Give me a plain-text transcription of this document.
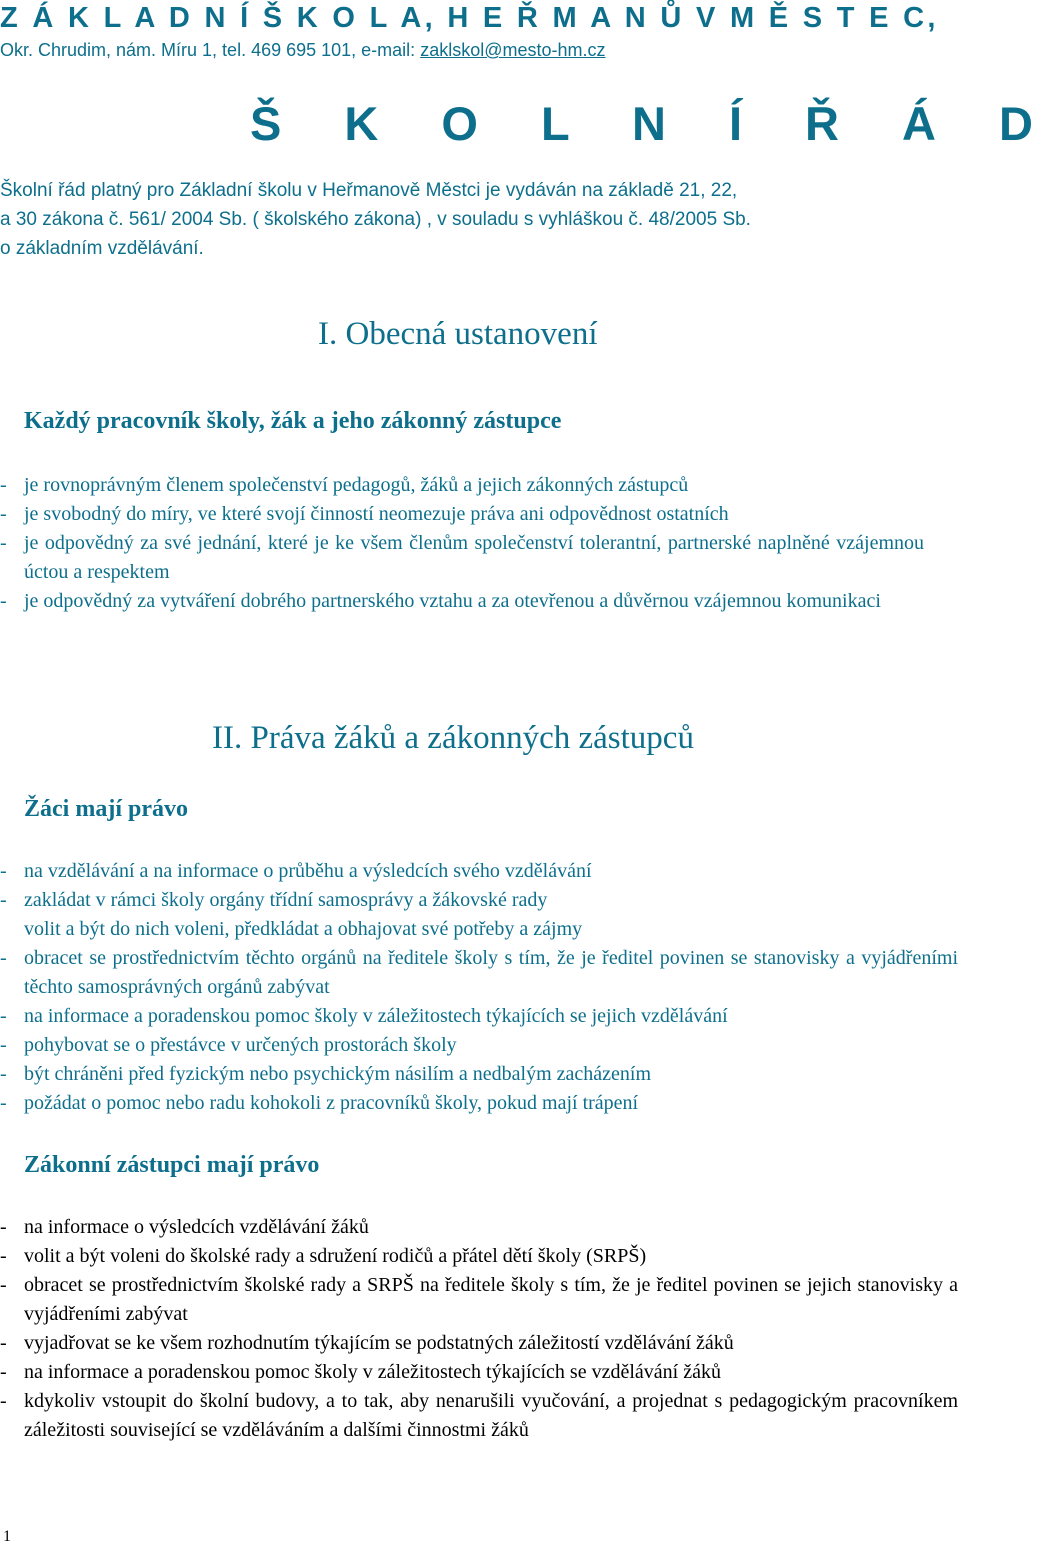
Z Á K L A D N Í Š K O L A, H E Ř M A N Ů V M Ě S T E C,
Okr. Chrudim, nám. Míru 1, tel. 469 695 101, e-mail: zaklskol@mesto-hm.cz
Š K O L N Í Ř Á D
Školní řád platný pro Základní školu v Heřmanově Městci je vydáván na základě 21, 22,
a 30 zákona č. 561/ 2004 Sb. ( školského zákona) , v souladu s vyhláškou č. 48/2005 Sb.
o základním vzdělávání.
I. Obecná ustanovení
Každý pracovník školy, žák a jeho zákonný zástupce
- je rovnoprávným členem společenství pedagogů, žáků a jejich zákonných zástupců
- je svobodný do míry, ve které svojí činností neomezuje práva ani odpovědnost ostatních
- je odpovědný za své jednání, které je ke všem členům společenství tolerantní, partnerské naplněné vzájemnou úctou a respektem
- je odpovědný za vytváření dobrého partnerského vztahu a za otevřenou a důvěrnou vzájemnou komunikaci
II. Práva žáků a zákonných zástupců
Žáci mají právo
- na vzdělávání a na informace o průběhu a výsledcích svého vzdělávání
- zakládat v rámci školy orgány třídní samosprávy a žákovské rady
volit a být do nich voleni, předkládat a obhajovat své potřeby a zájmy
- obracet se prostřednictvím těchto orgánů na ředitele školy s tím, že je ředitel povinen se stanovisky a vyjádřeními těchto samosprávných orgánů zabývat
- na informace a poradenskou pomoc školy v záležitostech týkajících se jejich vzdělávání
- pohybovat se o přestávce v určených prostorách školy
- být chráněni před fyzickým nebo psychickým násilím a nedbalým zacházením
- požádat o pomoc nebo radu kohokoli z pracovníků školy, pokud mají trápení
Zákonní zástupci mají právo
- na informace o výsledcích vzdělávání žáků
- volit a být voleni do školské rady a sdružení rodičů a přátel dětí školy (SRPŠ)
- obracet se prostřednictvím školské rady a SRPŠ na ředitele školy s tím, že je ředitel povinen se jejich stanovisky a vyjádřeními zabývat
- vyjadřovat se ke všem rozhodnutím týkajícím se podstatných záležitostí vzdělávání žáků
- na informace a poradenskou pomoc školy v záležitostech týkajících se vzdělávání žáků
- kdykoliv vstoupit do školní budovy, a to tak, aby nenarušili vyučování, a projednat s pedagogickým pracovníkem záležitosti související se vzděláváním a dalšími činnostmi žáků
1
